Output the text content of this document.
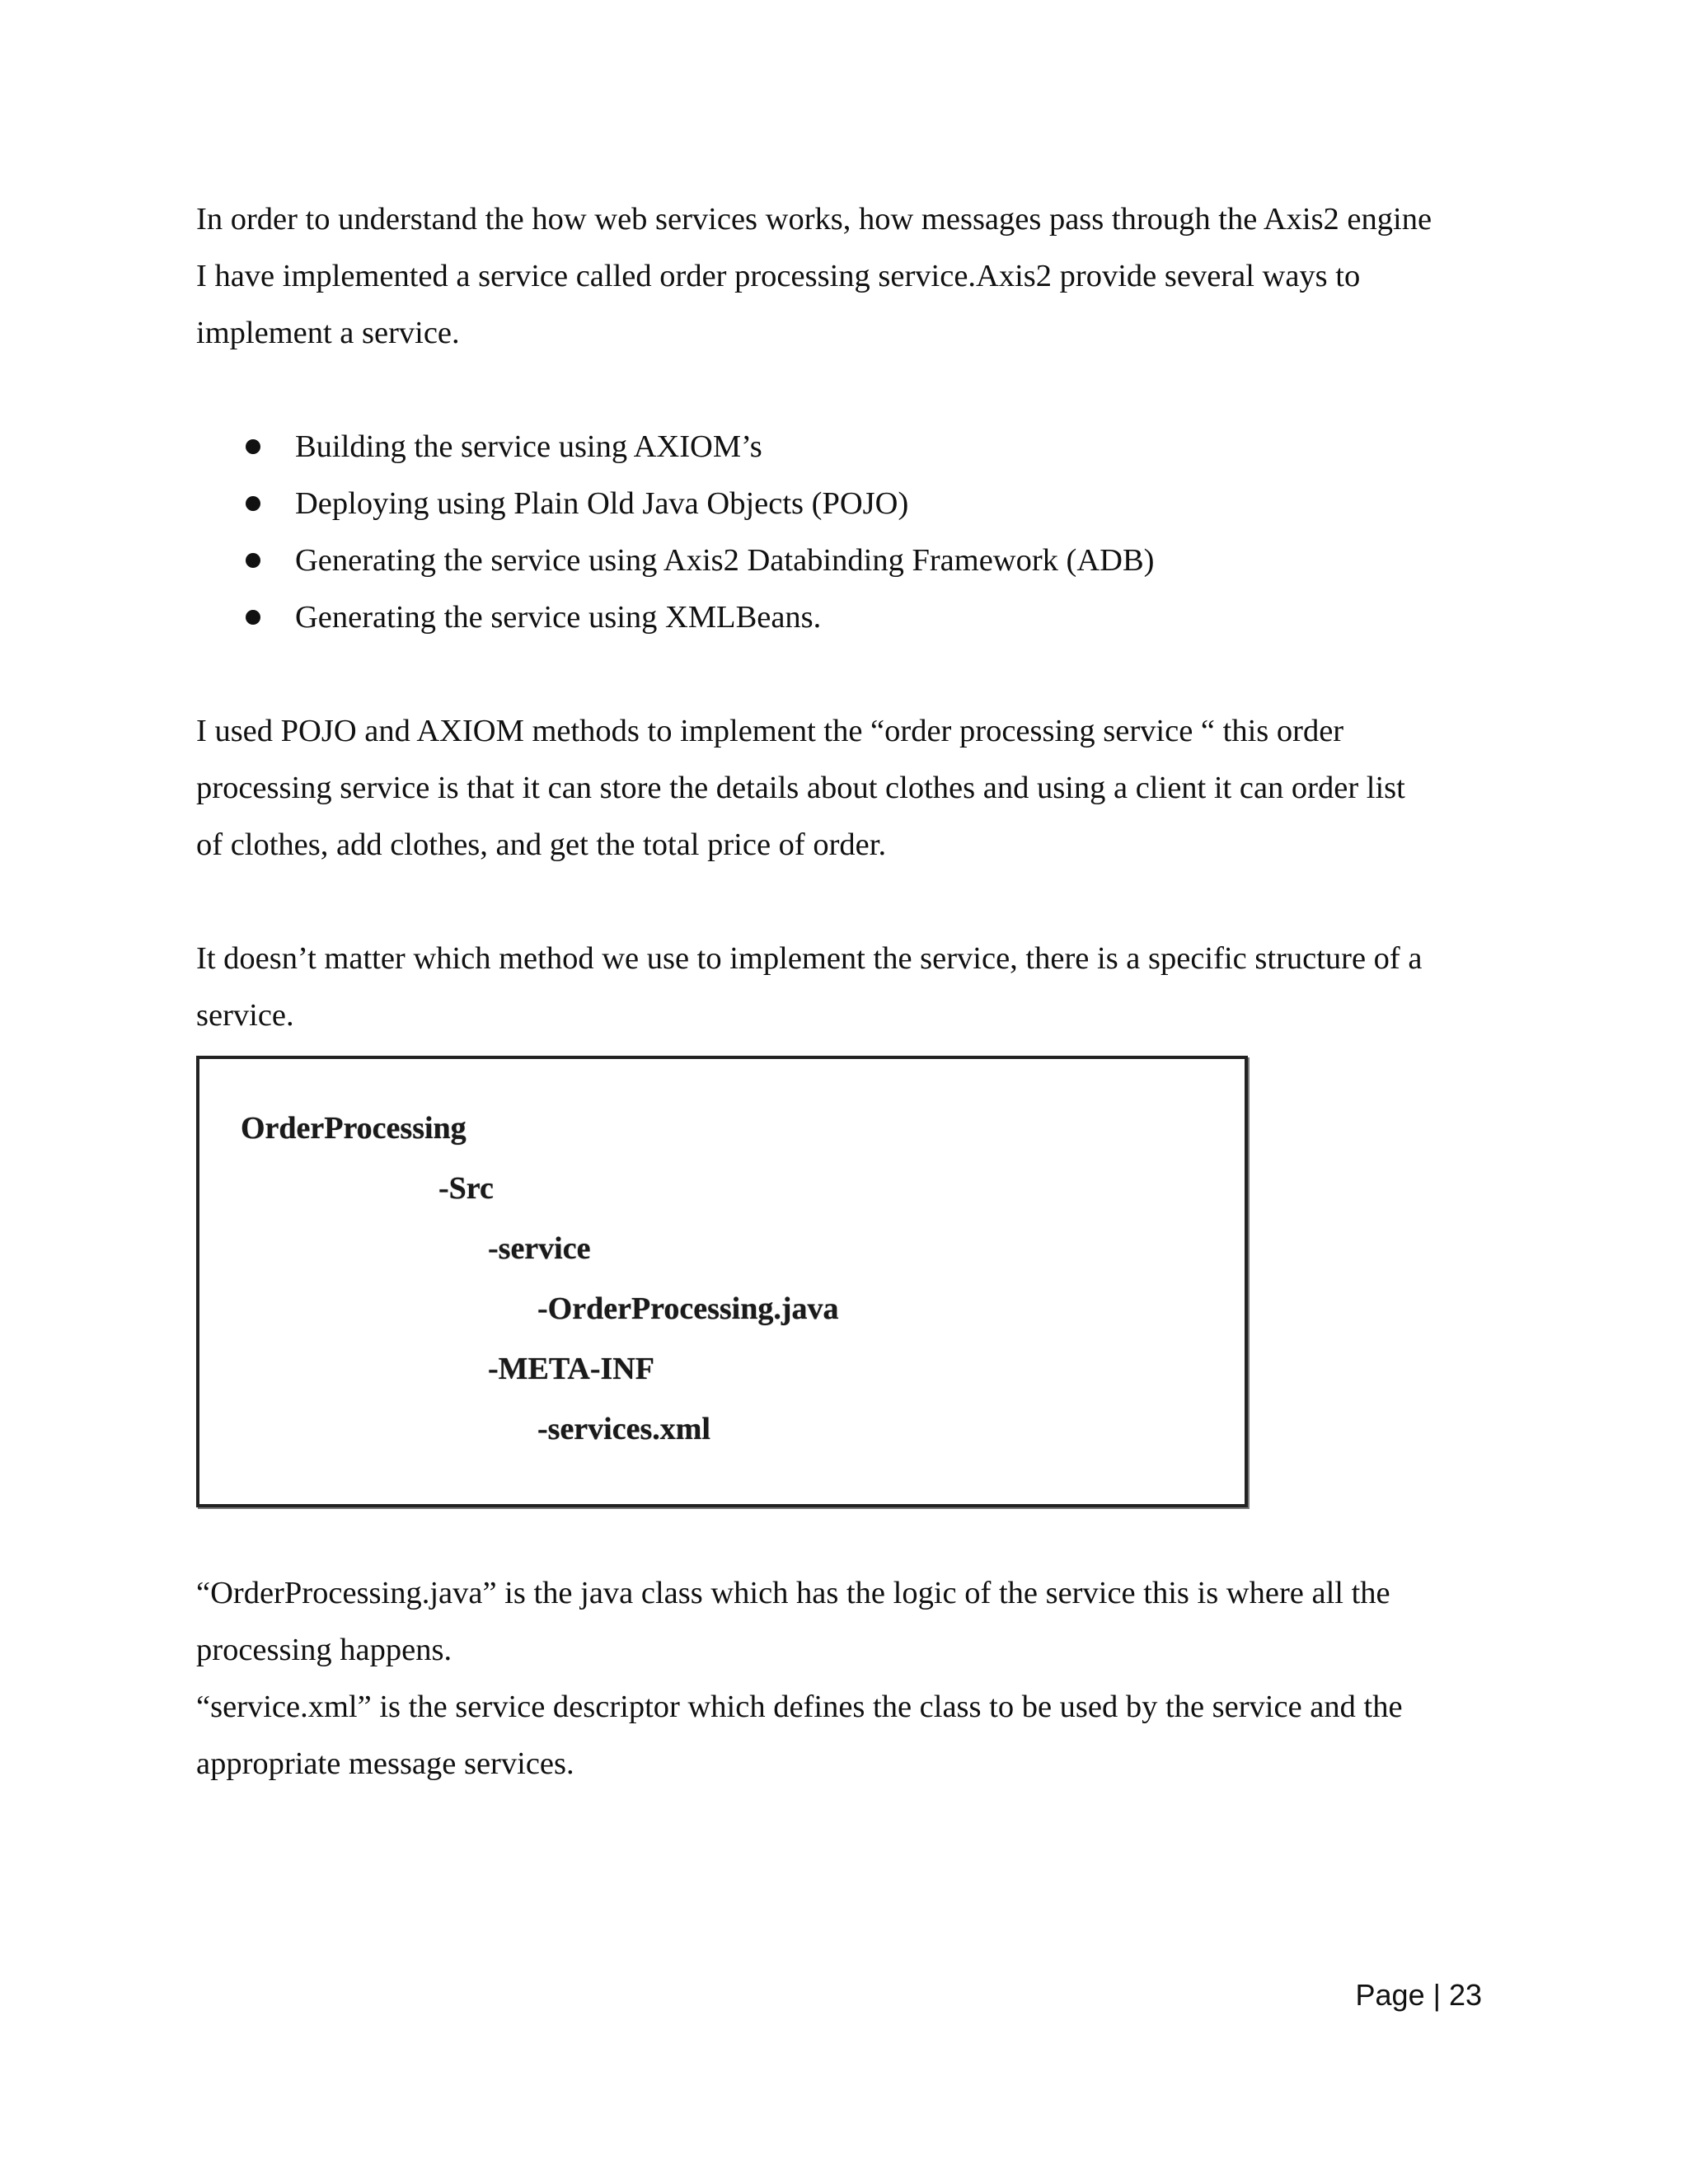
In order to understand the how web services works, how messages pass through the Axis2 engine
I have implemented a service called order processing service.Axis2 provide several ways to
implement a service.

Building the service using AXIOM’s
Deploying using Plain Old Java Objects (POJO)
Generating the service using Axis2 Databinding Framework (ADB)
Generating the service using XMLBeans.

I used POJO and AXIOM methods to implement the “order processing service “ this order
processing service is that it can store the details about clothes and using a client it can order list
of clothes, add clothes, and get the total price of order.

It doesn’t matter which method we use to implement the service, there is a specific structure of a
service.

OrderProcessing
-Src
-service
-OrderProcessing.java
-META-INF
-services.xml

“OrderProcessing.java” is the java class which has the logic of the service this is where all the
processing happens.
“service.xml” is the service descriptor which defines the class to be used by the service and the
appropriate message services.

Page | 23
